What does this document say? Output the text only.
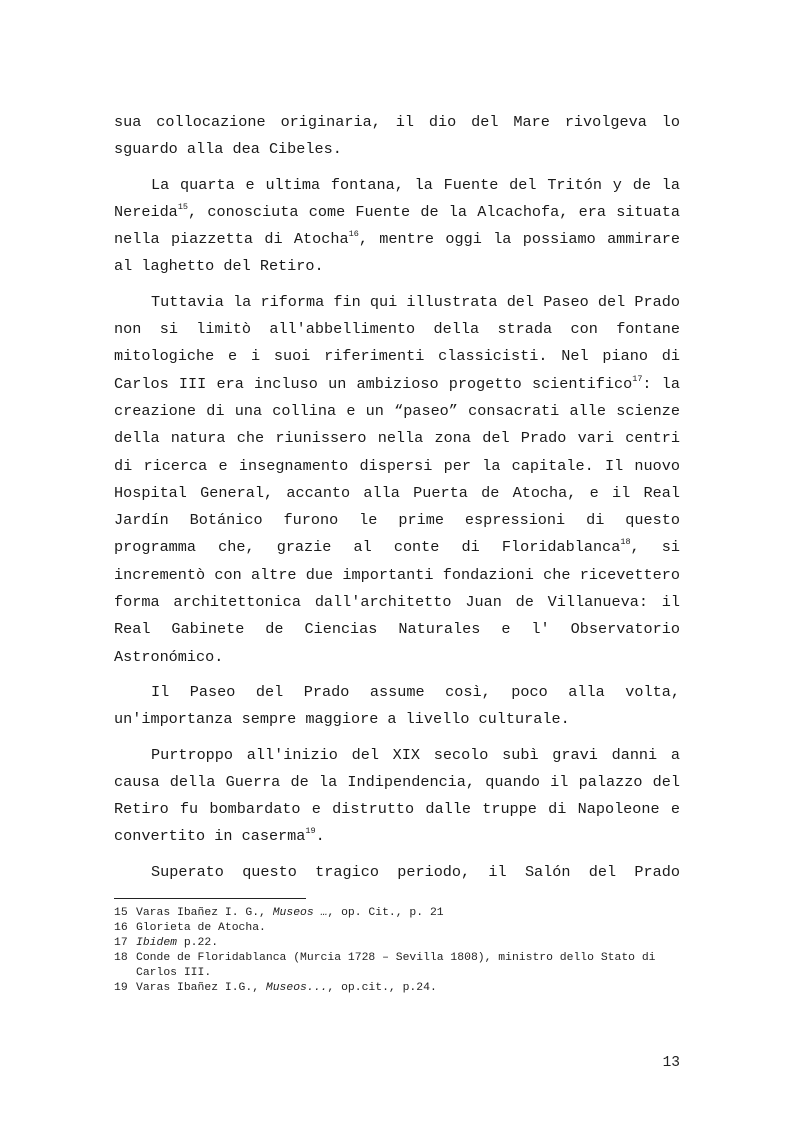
sua collocazione originaria, il dio del Mare rivolgeva lo sguardo alla dea Cibeles.

La quarta e ultima fontana, la Fuente del Tritón y de la Nereida$^{15}$, conosciuta come Fuente de la Alcachofa, era situata nella piazzetta di Atocha$^{16}$, mentre oggi la possiamo ammirare al laghetto del Retiro.

Tuttavia la riforma fin qui illustrata del Paseo del Prado non si limitò all'abbellimento della strada con fontane mitologiche e i suoi riferimenti classicisti. Nel piano di Carlos III era incluso un ambizioso progetto scientifico$^{17}$: la creazione di una collina e un “paseo” consacrati alle scienze della natura che riunissero nella zona del Prado vari centri di ricerca e insegnamento dispersi per la capitale. Il nuovo Hospital General, accanto alla Puerta de Atocha, e il Real Jardín Botánico furono le prime espressioni di questo programma che, grazie al conte di Floridablanca$^{18}$, si incrementò con altre due importanti fondazioni che ricevettero forma architettonica dall'architetto Juan de Villanueva: il Real Gabinete de Ciencias Naturales e l' Observatorio Astronómico.

Il Paseo del Prado assume così, poco alla volta, un'importanza sempre maggiore a livello culturale.

Purtroppo all'inizio del XIX secolo subì gravi danni a causa della Guerra de la Indipendencia, quando il palazzo del Retiro fu bombardato e distrutto dalle truppe di Napoleone e convertito in caserma$^{19}$.

Superato questo tragico periodo, il Salón del Prado

15 Varas Ibañez I. G., Museos …, op. Cit., p. 21
16 Glorieta de Atocha.
17 Ibidem p.22.
18 Conde de Floridablanca (Murcia 1728 – Sevilla 1808), ministro dello Stato di Carlos III.
19 Varas Ibañez I.G., Museos..., op.cit., p.24.
13
